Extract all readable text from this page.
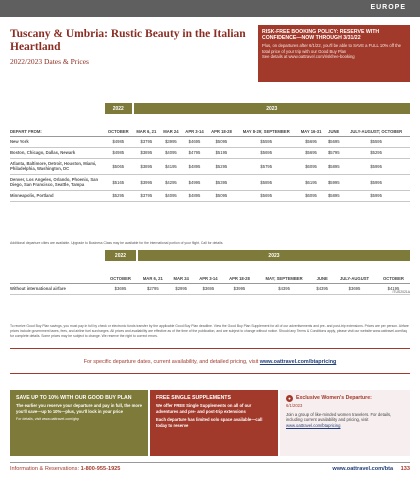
EUROPE
Tuscany & Umbria: Rustic Beauty in the Italian Heartland
2022/2023 Dates & Prices
RISK-FREE BOOKING POLICY: RESERVE WITH CONFIDENCE—NOW THROUGH 3/31/22
Plus, on departures after 6/1/22, you'll be able to SAVE a FULL 10% off the total price of your trip with our Good Buy Plan
See details at www.oattravel.com/riskfree-booking
	2022	2023							
DEPART FROM:	OCTOBER	MAR 6, 21	MAR 24	APR 3-14	APR 18-28	MAY 8-29; SEPTEMBER	MAY 16-31	JUNE	JULY-AUGUST; OCTOBER
New York	$4985	$3795	$3995	$4695	$5095	$5595	$5695	$5695	$5595
Boston, Chicago, Dallas, Newark	$4985	$3895	$4095	$4795	$5195	$5695	$5695	$5795	$5295
Atlanta, Baltimore, Detroit, Houston, Miami, Philadelphia, Washington, DC	$5065	$3895	$4195	$4895	$5295	$5795	$6095	$5895	$5995
Denver, Los Angeles, Orlando, Phoenix, San Diego, San Francisco, Seattle, Tampa	$5165	$3995	$4295	$4995	$5395	$5895	$6195	$5995	$5995
Minneapolis, Portland	$5295	$3795	$4095	$4895	$5095	$5695	$6095	$5895	$5995
Additional departure cities are available. Upgrade to Business Class may be available for the international portion of your flight. Call for details.
	2022	2023							
	OCTOBER	MAR 6, 21	MAR 24	APR 3-14	APR 18-28	MAY; SEPTEMBER	JUNE	JULY-AUGUST	OCTOBER
Without international airfare	$3695	$2795	$2995	$3695	$3995	$4395	$4395	$3695	$4195
ITUS2021A
To receive Good Buy Plan savings, you must pay in full by check or electronic funds transfer by the applicable Good Buy Plan deadline. View the Good Buy Plan Supplement for all of our advertisements and pre- and post-trip extensions. Prices are per person. Airfare prices include government taxes, fees, and airline fuel surcharges. All prices and availability are effective as of the time of the publication, and are subject to change without notice. Should any Terms & Conditions apply, please visit our website www.oattravel.com/faq for complete details. Some prices may be subject to change. We reserve the right to correct errors.
For specific departure dates, current availability, and detailed pricing, visit www.oattravel.com/btapricing
SAVE UP TO 10% WITH OUR GOOD BUY PLAN
The earlier you reserve your departure and pay in full, the more you'll save—up to 10%—plus, you'll lock in your price
For details, visit www.oattravel.com/gbp
FREE SINGLE SUPPLEMENTS
We offer FREE Single Supplements on all of our adventures and pre- and post-trip extensions
Each departure has limited solo space available—call today to reserve
● Exclusive Women's Departure:
6/1/2023
Join a group of like-minded women travelers. For details, including current availability and pricing, visit
www.oattravel.com/btapricing
Information & Reservations: 1-800-955-1925	www.oattravel.com/bta 133
